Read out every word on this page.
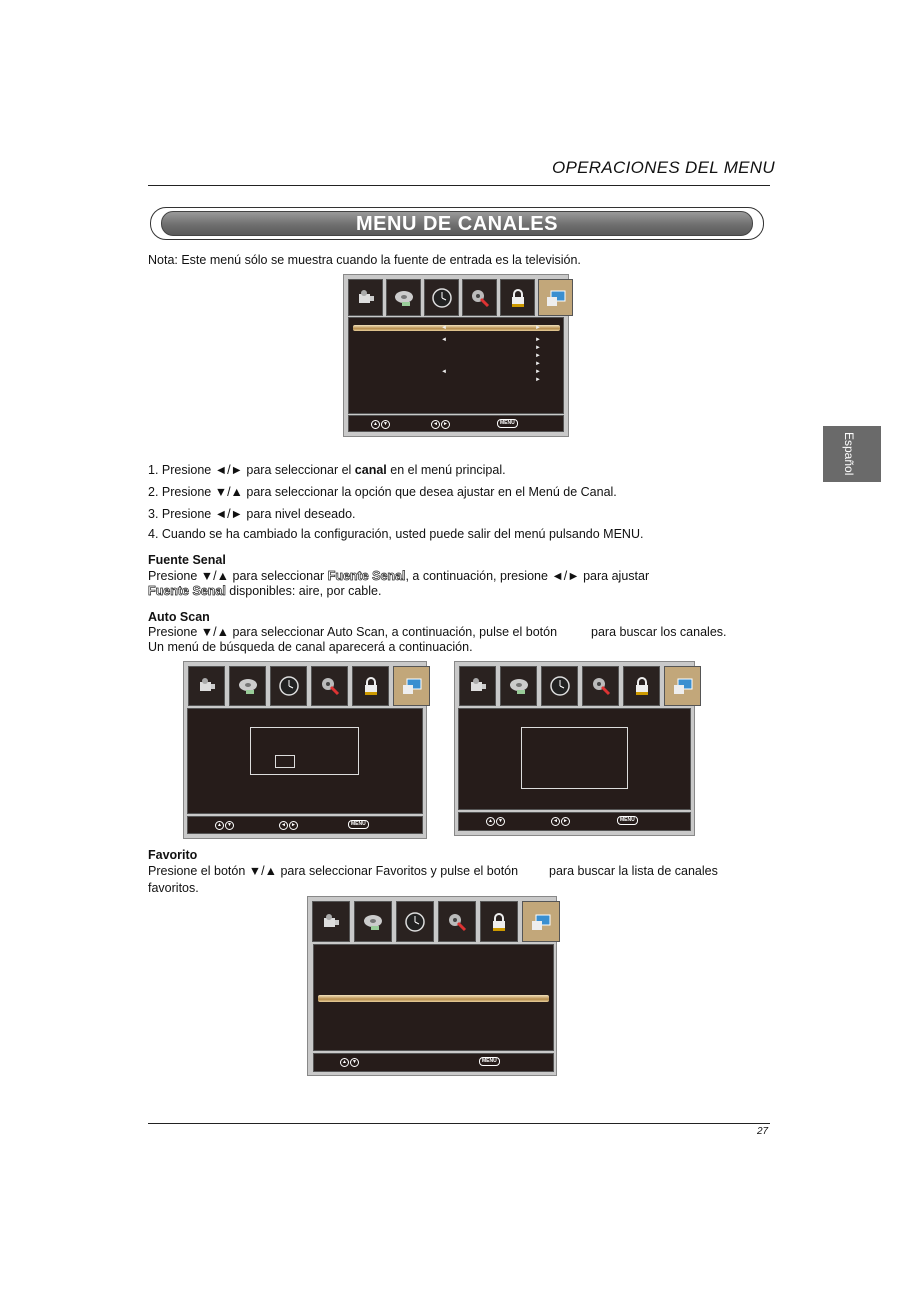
OPERACIONES DEL MENU
MENU DE CANALES
Nota: Este menú sólo se muestra cuando la fuente de entrada es la televisión.
Español
◄	►
◄	►
►
►
►
◄	►
►
▲ ▼	◄ ►	MENU
1. Presione ◄/► para seleccionar el canal en el menú principal.
2. Presione ▼/▲ para seleccionar la opción que desea ajustar en el Menú de Canal.
3. Presione ◄/► para nivel deseado.
4. Cuando se ha cambiado la configuración, usted puede salir del menú pulsando MENU.
Fuente Senal
Presione ▼/▲ para seleccionar Fuente Senal, a continuación, presione ◄/► para ajustar
Fuente Senal disponibles: aire, por cable.
Auto Scan
Presione ▼/▲ para seleccionar Auto Scan, a continuación, pulse el botón	para buscar los canales.
Un menú de búsqueda de canal aparecerá a continuación.
▲ ▼	◄ ►	MENU	▲ ▼	◄ ►	MENU
Favorito
Presione el botón ▼/▲ para seleccionar Favoritos y pulse el botón para buscar la lista de canales
favoritos.
▲ ▼	MENU
27
